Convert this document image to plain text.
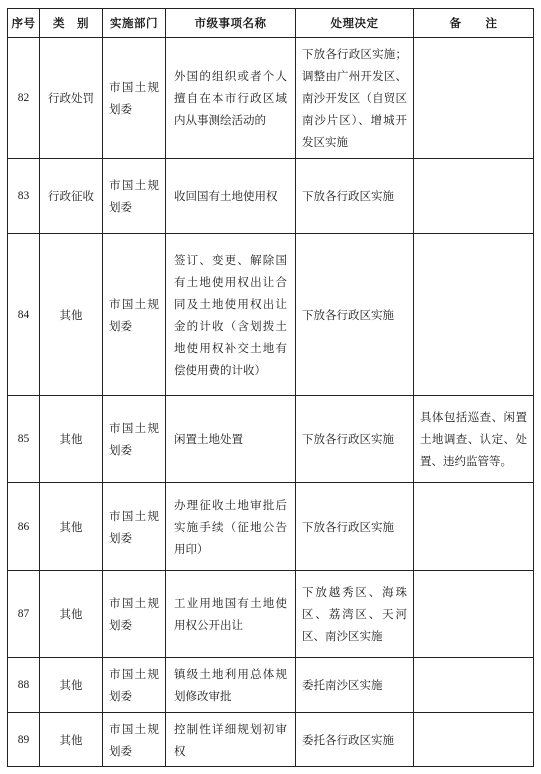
序号	类　别	实施部门	市级事项名称	处理决定	备　　注
82	行政处罚	市国土规划委	外国的组织或者个人擅自在本市行政区域内从事测绘活动的	下放各行政区实施；调整由广州开发区、南沙开发区（自贸区南沙片区）、增城开发区实施	
83	行政征收	市国土规划委	收回国有土地使用权	下放各行政区实施	
84	其他	市国土规划委	签订、变更、解除国有土地使用权出让合同及土地使用权出让金的计收（含划拨土地使用权补交土地有偿使用费的计收）	下放各行政区实施	
85	其他	市国土规划委	闲置土地处置	下放各行政区实施	具体包括巡查、闲置土地调查、认定、处置、违约监管等。
86	其他	市国土规划委	办理征收土地审批后实施手续（征地公告用印）	下放各行政区实施	
87	其他	市国土规划委	工业用地国有土地使用权公开出让	下放越秀区、海珠区、荔湾区、天河区、南沙区实施	
88	其他	市国土规划委	镇级土地利用总体规划修改审批	委托南沙区实施	
89	其他	市国土规划委	控制性详细规划初审权	委托各行政区实施	
